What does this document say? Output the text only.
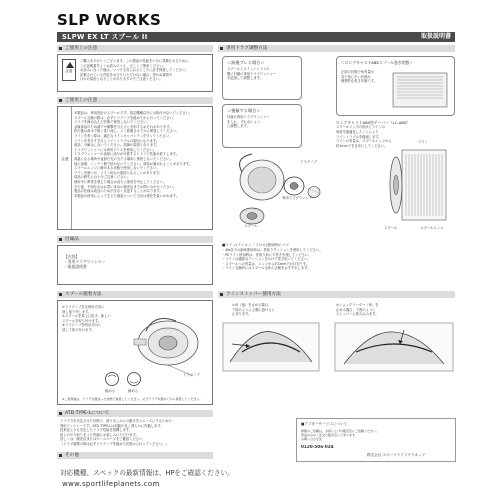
SLP WORKS
SLPW EX LT スプール II	取扱説明書
ご使用上の注意
注意
ご購入ありがとうございます。この製品の性能を十分に発揮させるために、
この説明書をよくお読みのうえ、正しくご使用ください。
お読みになった後は、いつでも見られるところに必ず保管してください。
記載されている内容をお守りいただけない場合、思わぬ事故や
けがの原因となることがありますのでご注意ください。
ご使用上の注意
注意
本製品は、専用設計のスプールです。指定機種以外には取付けないでください。
スプール交換の際は、必ずドラグノブを緩めてから行ってください。
ドラグを締め込んだ状態で保管しないでください。
金属部品のため落下や衝撃を与えると変形するおそれがあります。
釣行後は真水で軽く洗い流し、よく乾燥させてから保管してください。
ラインを巻く際は、適正なラインキャパシティを守ってください。
ラインを巻きすぎるとライントラブルの原因になります。
改造、分解はしないでください。故障の原因となります。
ドラグワッシャーには専用グリスを使用してください。
ドラグワッシャーの表面に油分が付着するとドラグ性能が低下します。
高温になる場所や直射日光の当たる場所に保管しないでください。
他の溶剤、シンナー類で拭かないでください。塗装が剥がれることがあります。
スプールエッジに傷がある状態で使用しないでください。
ラインを傷つけ、ライン切れの原因となることがあります。
部品の紛失には十分ご注意ください。
使用中に異常を感じた場合は直ちに使用を中止してください。
その他、不明な点はお買い求めの販売店までお問い合わせください。
製品の仕様は改良のため予告なく変更することがあります。
本製品の使用によって生じた損害について当社は責任を負いかねます。
付属品
【内容】
・専用ドラグワッシャー
・取扱説明書
スプール脱着方法
①ドラグノブを反時計方向に
回し取り外します。
②スプールを真上に抜き、新しい
スプールを取り付けます。
③ドラグノブを時計方向に
回して取り付けます。
ドラグノブ
緩める	締める
※ご使用後は、ドラグが緩まった状態で保管してください。必ずドラグを緩めてから保管してください。
ATD TYPE-Lについて
ドラグ力を安定させた状態で、滑り出しからの動きをスムーズにするための
専用ワッシャーです。ATD TYPE-Lは初動が良く滑らかに作動します。
従来品よりも安定したドラグ性能を発揮します。
魚とのやり取りをより快適にお楽しみいただけます。
詳しくは、販売店またはホームページをご確認ください。
（ドラグ調整の際は必ずドラグノブを緩めた状態から行ってください。）
その他
対応機種、スペックの最新情報は、HPをご確認ください。
www.sportlifeplanets.com
専用ドラグ調整方法
＜前後ブレる場合＞
スプールとメインシャフトの
間に付属の専用ドラグワッシャー
を追加して調整します。
＜後傾する場合＞
付属の専用ドラグワッシャー
を入れ、ずれないよう
に調整します。
ドラグノブ
専用ドラグワッシャー
スプール
＜ロングキャストABSスプール巻き状態＞
正面の状態で糸巻量が
若干前に多い状態が
理想的な巻き状態です。
ロングキャストABS逆テーパー（LC-ABS）
スプールリップの形状とラインの
角度を最適化したことにより
ライントラブルを軽減します。
ラインの巻量は、スプールエッジから
約1mm下を目安にしてください。
ライン
スプール	スプールエッジ
■ライン(ナイロン・フロロ)使用時のコツ
・4lb以下の細糸使用時は、巻取りクッションを使用してください。
・PEライン使用時は、巻取り前に下巻きを施してください。
・ラインは適度なテンションをかけて巻き取ってください。
・スプールへの巻量は、エッジから約1mm下が目安です。
・ライン交換時にはスプール全体の点検をおすすめします。
ラインストッパー使用方法
①糸（風）を止める場合、
下図のように上側に掛けると
止まります。
②ショックリーダー（糸）を
止める場合、下図のように
ストッパーに挟み込みます。
■アフターサービスについて
修理のご依頼は、お買い上げの販売店にご依頼ください。
部品のみのご注文も販売店にて承ります。
お問い合わせ先
0120-506-034
株式会社 スポーツライフプラネッツ
